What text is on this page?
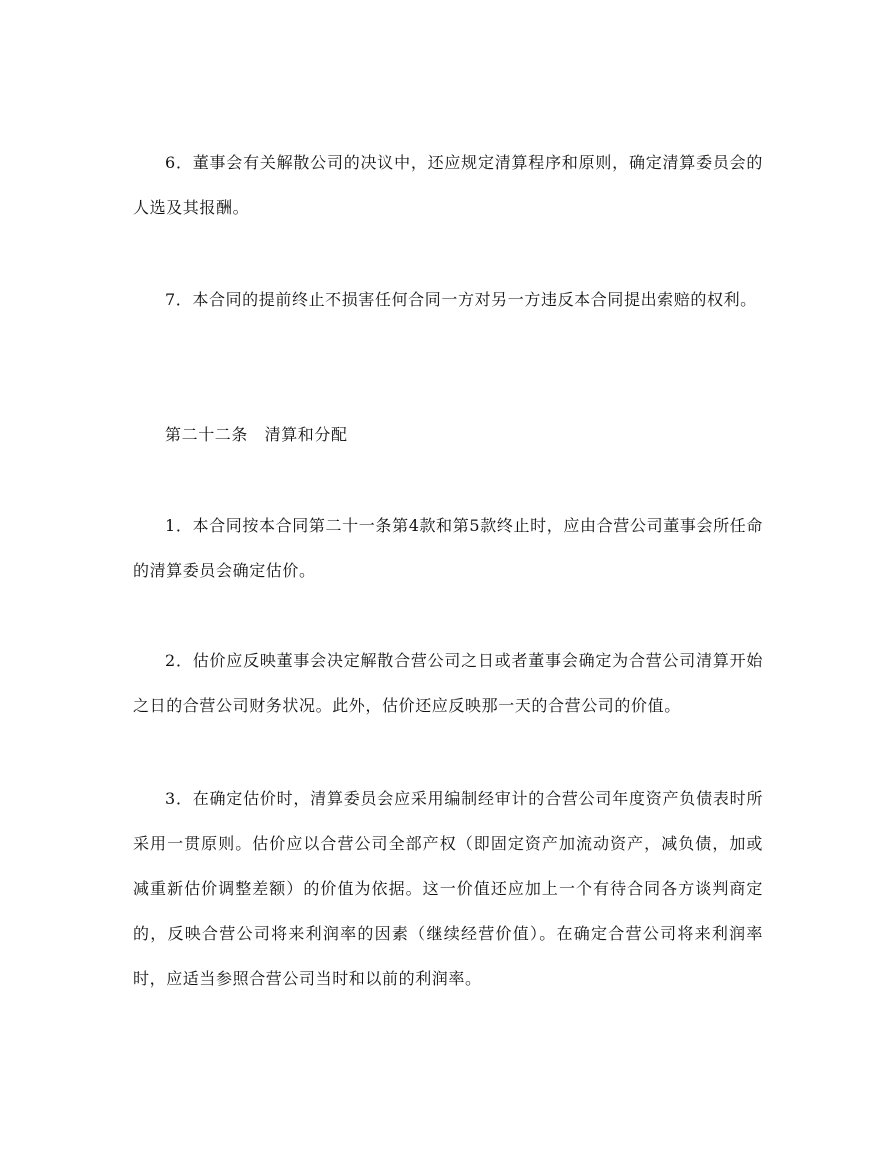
6．董事会有关解散公司的决议中，还应规定清算程序和原则，确定清算委员会的人选及其报酬。

7．本合同的提前终止不损害任何合同一方对另一方违反本合同提出索赔的权利。

第二十二条　清算和分配

1．本合同按本合同第二十一条第4款和第5款终止时，应由合营公司董事会所任命的清算委员会确定估价。

2．估价应反映董事会决定解散合营公司之日或者董事会确定为合营公司清算开始之日的合营公司财务状况。此外，估价还应反映那一天的合营公司的价值。

3．在确定估价时，清算委员会应采用编制经审计的合营公司年度资产负债表时所采用一贯原则。估价应以合营公司全部产权（即固定资产加流动资产，减负债，加或减重新估价调整差额）的价值为依据。这一价值还应加上一个有待合同各方谈判商定的，反映合营公司将来利润率的因素（继续经营价值）。在确定合营公司将来利润率时，应适当参照合营公司当时和以前的利润率。
